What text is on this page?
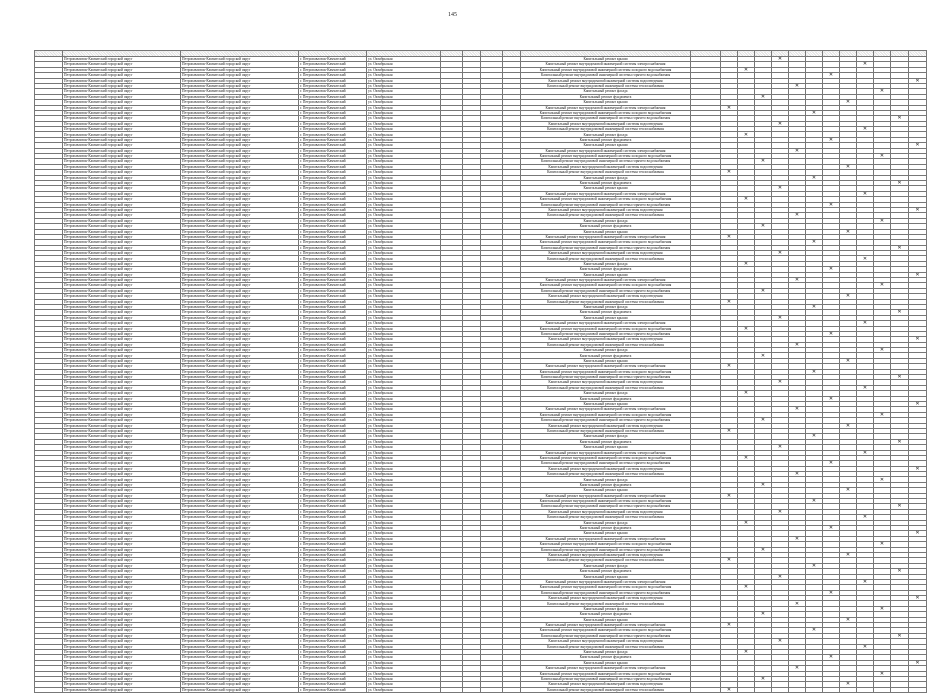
145

	Петропавловск-Камчатский городской округ	Петропавловск-Камчатский городской округ	г. Петропавловск-Камчатский	ул. Октябрьская					Капитальный ремонт крыши					✕								
	Петропавловск-Камчатский городской округ	Петропавловск-Камчатский городской округ	г. Петропавловск-Камчатский	ул. Октябрьская					Капитальный ремонт внутридомовой инженерной системы электроснабжения										✕			
	Петропавловск-Камчатский городской округ	Петропавловск-Камчатский городской округ	г. Петропавловск-Камчатский	ул. Октябрьская					Капитальный ремонт внутридомовой инженерной системы холодного водоснабжения			✕										
	Петропавловск-Камчатский городской округ	Петропавловск-Камчатский городской округ	г. Петропавловск-Камчатский	ул. Октябрьская					Капитальный ремонт внутридомовой инженерной системы горячего водоснабжения								✕					
	Петропавловск-Камчатский городской округ	Петропавловск-Камчатский городской округ	г. Петропавловск-Камчатский	ул. Октябрьская					Капитальный ремонт внутридомовой инженерной системы водоотведения													✕
	Петропавловск-Камчатский городской округ	Петропавловск-Камчатский городской округ	г. Петропавловск-Камчатский	ул. Октябрьская					Капитальный ремонт внутридомовой инженерной системы теплоснабжения						✕							
	Петропавловск-Камчатский городской округ	Петропавловск-Камчатский городской округ	г. Петропавловск-Камчатский	ул. Октябрьская					Капитальный ремонт фасада											✕		
	Петропавловск-Камчатский городской округ	Петропавловск-Камчатский городской округ	г. Петропавловск-Камчатский	ул. Октябрьская					Капитальный ремонт фундамента				✕									
	Петропавловск-Камчатский городской округ	Петропавловск-Камчатский городской округ	г. Петропавловск-Камчатский	ул. Октябрьская					Капитальный ремонт крыши									✕				
	Петропавловск-Камчатский городской округ	Петропавловск-Камчатский городской округ	г. Петропавловск-Камчатский	ул. Октябрьская					Капитальный ремонт внутридомовой инженерной системы электроснабжения		✕											
	Петропавловск-Камчатский городской округ	Петропавловск-Камчатский городской округ	г. Петропавловск-Камчатский	ул. Октябрьская					Капитальный ремонт внутридомовой инженерной системы холодного водоснабжения							✕						
	Петропавловск-Камчатский городской округ	Петропавловск-Камчатский городской округ	г. Петропавловск-Камчатский	ул. Октябрьская					Капитальный ремонт внутридомовой инженерной системы горячего водоснабжения												✕	
	Петропавловск-Камчатский городской округ	Петропавловск-Камчатский городской округ	г. Петропавловск-Камчатский	ул. Октябрьская					Капитальный ремонт внутридомовой инженерной системы водоотведения					✕								
	Петропавловск-Камчатский городской округ	Петропавловск-Камчатский городской округ	г. Петропавловск-Камчатский	ул. Октябрьская					Капитальный ремонт внутридомовой инженерной системы теплоснабжения										✕			
	Петропавловск-Камчатский городской округ	Петропавловск-Камчатский городской округ	г. Петропавловск-Камчатский	ул. Октябрьская					Капитальный ремонт фасада			✕										
	Петропавловск-Камчатский городской округ	Петропавловск-Камчатский городской округ	г. Петропавловск-Камчатский	ул. Октябрьская					Капитальный ремонт фундамента								✕					
	Петропавловск-Камчатский городской округ	Петропавловск-Камчатский городской округ	г. Петропавловск-Камчатский	ул. Октябрьская					Капитальный ремонт крыши													✕
	Петропавловск-Камчатский городской округ	Петропавловск-Камчатский городской округ	г. Петропавловск-Камчатский	ул. Октябрьская					Капитальный ремонт внутридомовой инженерной системы электроснабжения						✕							
	Петропавловск-Камчатский городской округ	Петропавловск-Камчатский городской округ	г. Петропавловск-Камчатский	ул. Октябрьская					Капитальный ремонт внутридомовой инженерной системы холодного водоснабжения											✕		
	Петропавловск-Камчатский городской округ	Петропавловск-Камчатский городской округ	г. Петропавловск-Камчатский	ул. Октябрьская					Капитальный ремонт внутридомовой инженерной системы горячего водоснабжения				✕									
	Петропавловск-Камчатский городской округ	Петропавловск-Камчатский городской округ	г. Петропавловск-Камчатский	ул. Октябрьская					Капитальный ремонт внутридомовой инженерной системы водоотведения									✕				
	Петропавловск-Камчатский городской округ	Петропавловск-Камчатский городской округ	г. Петропавловск-Камчатский	ул. Октябрьская					Капитальный ремонт внутридомовой инженерной системы теплоснабжения		✕											
	Петропавловск-Камчатский городской округ	Петропавловск-Камчатский городской округ	г. Петропавловск-Камчатский	ул. Октябрьская					Капитальный ремонт фасада							✕						
	Петропавловск-Камчатский городской округ	Петропавловск-Камчатский городской округ	г. Петропавловск-Камчатский	ул. Октябрьская					Капитальный ремонт фундамента												✕	
	Петропавловск-Камчатский городской округ	Петропавловск-Камчатский городской округ	г. Петропавловск-Камчатский	ул. Октябрьская					Капитальный ремонт крыши					✕								
	Петропавловск-Камчатский городской округ	Петропавловск-Камчатский городской округ	г. Петропавловск-Камчатский	ул. Октябрьская					Капитальный ремонт внутридомовой инженерной системы электроснабжения										✕			
	Петропавловск-Камчатский городской округ	Петропавловск-Камчатский городской округ	г. Петропавловск-Камчатский	ул. Октябрьская					Капитальный ремонт внутридомовой инженерной системы холодного водоснабжения			✕										
	Петропавловск-Камчатский городской округ	Петропавловск-Камчатский городской округ	г. Петропавловск-Камчатский	ул. Октябрьская					Капитальный ремонт внутридомовой инженерной системы горячего водоснабжения								✕					
	Петропавловск-Камчатский городской округ	Петропавловск-Камчатский городской округ	г. Петропавловск-Камчатский	ул. Октябрьская					Капитальный ремонт внутридомовой инженерной системы водоотведения													✕
	Петропавловск-Камчатский городской округ	Петропавловск-Камчатский городской округ	г. Петропавловск-Камчатский	ул. Октябрьская					Капитальный ремонт внутридомовой инженерной системы теплоснабжения						✕							
	Петропавловск-Камчатский городской округ	Петропавловск-Камчатский городской округ	г. Петропавловск-Камчатский	ул. Октябрьская					Капитальный ремонт фасада											✕		
	Петропавловск-Камчатский городской округ	Петропавловск-Камчатский городской округ	г. Петропавловск-Камчатский	ул. Октябрьская					Капитальный ремонт фундамента				✕									
	Петропавловск-Камчатский городской округ	Петропавловск-Камчатский городской округ	г. Петропавловск-Камчатский	ул. Октябрьская					Капитальный ремонт крыши									✕				
	Петропавловск-Камчатский городской округ	Петропавловск-Камчатский городской округ	г. Петропавловск-Камчатский	ул. Октябрьская					Капитальный ремонт внутридомовой инженерной системы электроснабжения		✕											
	Петропавловск-Камчатский городской округ	Петропавловск-Камчатский городской округ	г. Петропавловск-Камчатский	ул. Октябрьская					Капитальный ремонт внутридомовой инженерной системы холодного водоснабжения							✕						
	Петропавловск-Камчатский городской округ	Петропавловск-Камчатский городской округ	г. Петропавловск-Камчатский	ул. Октябрьская					Капитальный ремонт внутридомовой инженерной системы горячего водоснабжения												✕	
	Петропавловск-Камчатский городской округ	Петропавловск-Камчатский городской округ	г. Петропавловск-Камчатский	ул. Октябрьская					Капитальный ремонт внутридомовой инженерной системы водоотведения					✕								
	Петропавловск-Камчатский городской округ	Петропавловск-Камчатский городской округ	г. Петропавловск-Камчатский	ул. Октябрьская					Капитальный ремонт внутридомовой инженерной системы теплоснабжения										✕			
	Петропавловск-Камчатский городской округ	Петропавловск-Камчатский городской округ	г. Петропавловск-Камчатский	ул. Октябрьская					Капитальный ремонт фасада			✕										
	Петропавловск-Камчатский городской округ	Петропавловск-Камчатский городской округ	г. Петропавловск-Камчатский	ул. Октябрьская					Капитальный ремонт фундамента								✕					
	Петропавловск-Камчатский городской округ	Петропавловск-Камчатский городской округ	г. Петропавловск-Камчатский	ул. Октябрьская					Капитальный ремонт крыши													✕
	Петропавловск-Камчатский городской округ	Петропавловск-Камчатский городской округ	г. Петропавловск-Камчатский	ул. Октябрьская					Капитальный ремонт внутридомовой инженерной системы электроснабжения						✕							
	Петропавловск-Камчатский городской округ	Петропавловск-Камчатский городской округ	г. Петропавловск-Камчатский	ул. Октябрьская					Капитальный ремонт внутридомовой инженерной системы холодного водоснабжения											✕		
	Петропавловск-Камчатский городской округ	Петропавловск-Камчатский городской округ	г. Петропавловск-Камчатский	ул. Октябрьская					Капитальный ремонт внутридомовой инженерной системы горячего водоснабжения				✕									
	Петропавловск-Камчатский городской округ	Петропавловск-Камчатский городской округ	г. Петропавловск-Камчатский	ул. Октябрьская					Капитальный ремонт внутридомовой инженерной системы водоотведения									✕				
	Петропавловск-Камчатский городской округ	Петропавловск-Камчатский городской округ	г. Петропавловск-Камчатский	ул. Октябрьская					Капитальный ремонт внутридомовой инженерной системы теплоснабжения		✕											
	Петропавловск-Камчатский городской округ	Петропавловск-Камчатский городской округ	г. Петропавловск-Камчатский	ул. Октябрьская					Капитальный ремонт фасада							✕						
	Петропавловск-Камчатский городской округ	Петропавловск-Камчатский городской округ	г. Петропавловск-Камчатский	ул. Октябрьская					Капитальный ремонт фундамента												✕	
	Петропавловск-Камчатский городской округ	Петропавловск-Камчатский городской округ	г. Петропавловск-Камчатский	ул. Октябрьская					Капитальный ремонт крыши					✕								
	Петропавловск-Камчатский городской округ	Петропавловск-Камчатский городской округ	г. Петропавловск-Камчатский	ул. Октябрьская					Капитальный ремонт внутридомовой инженерной системы электроснабжения										✕			
	Петропавловск-Камчатский городской округ	Петропавловск-Камчатский городской округ	г. Петропавловск-Камчатский	ул. Октябрьская					Капитальный ремонт внутридомовой инженерной системы холодного водоснабжения			✕										
	Петропавловск-Камчатский городской округ	Петропавловск-Камчатский городской округ	г. Петропавловск-Камчатский	ул. Октябрьская					Капитальный ремонт внутридомовой инженерной системы горячего водоснабжения								✕					
	Петропавловск-Камчатский городской округ	Петропавловск-Камчатский городской округ	г. Петропавловск-Камчатский	ул. Октябрьская					Капитальный ремонт внутридомовой инженерной системы водоотведения													✕
	Петропавловск-Камчатский городской округ	Петропавловск-Камчатский городской округ	г. Петропавловск-Камчатский	ул. Октябрьская					Капитальный ремонт внутридомовой инженерной системы теплоснабжения						✕							
	Петропавловск-Камчатский городской округ	Петропавловск-Камчатский городской округ	г. Петропавловск-Камчатский	ул. Октябрьская					Капитальный ремонт фасада											✕		
	Петропавловск-Камчатский городской округ	Петропавловск-Камчатский городской округ	г. Петропавловск-Камчатский	ул. Октябрьская					Капитальный ремонт фундамента				✕									
	Петропавловск-Камчатский городской округ	Петропавловск-Камчатский городской округ	г. Петропавловск-Камчатский	ул. Октябрьская					Капитальный ремонт крыши									✕				
	Петропавловск-Камчатский городской округ	Петропавловск-Камчатский городской округ	г. Петропавловск-Камчатский	ул. Октябрьская					Капитальный ремонт внутридомовой инженерной системы электроснабжения		✕											
	Петропавловск-Камчатский городской округ	Петропавловск-Камчатский городской округ	г. Петропавловск-Камчатский	ул. Октябрьская					Капитальный ремонт внутридомовой инженерной системы холодного водоснабжения							✕						
	Петропавловск-Камчатский городской округ	Петропавловск-Камчатский городской округ	г. Петропавловск-Камчатский	ул. Октябрьская					Капитальный ремонт внутридомовой инженерной системы горячего водоснабжения												✕	
	Петропавловск-Камчатский городской округ	Петропавловск-Камчатский городской округ	г. Петропавловск-Камчатский	ул. Октябрьская					Капитальный ремонт внутридомовой инженерной системы водоотведения					✕								
	Петропавловск-Камчатский городской округ	Петропавловск-Камчатский городской округ	г. Петропавловск-Камчатский	ул. Октябрьская					Капитальный ремонт внутридомовой инженерной системы теплоснабжения										✕			
	Петропавловск-Камчатский городской округ	Петропавловск-Камчатский городской округ	г. Петропавловск-Камчатский	ул. Октябрьская					Капитальный ремонт фасада			✕										
	Петропавловск-Камчатский городской округ	Петропавловск-Камчатский городской округ	г. Петропавловск-Камчатский	ул. Октябрьская					Капитальный ремонт фундамента								✕					
	Петропавловск-Камчатский городской округ	Петропавловск-Камчатский городской округ	г. Петропавловск-Камчатский	ул. Октябрьская					Капитальный ремонт крыши													✕
	Петропавловск-Камчатский городской округ	Петропавловск-Камчатский городской округ	г. Петропавловск-Камчатский	ул. Октябрьская					Капитальный ремонт внутридомовой инженерной системы электроснабжения						✕							
	Петропавловск-Камчатский городской округ	Петропавловск-Камчатский городской округ	г. Петропавловск-Камчатский	ул. Октябрьская					Капитальный ремонт внутридомовой инженерной системы холодного водоснабжения											✕		
	Петропавловск-Камчатский городской округ	Петропавловск-Камчатский городской округ	г. Петропавловск-Камчатский	ул. Октябрьская					Капитальный ремонт внутридомовой инженерной системы горячего водоснабжения				✕									
	Петропавловск-Камчатский городской округ	Петропавловск-Камчатский городской округ	г. Петропавловск-Камчатский	ул. Октябрьская					Капитальный ремонт внутридомовой инженерной системы водоотведения									✕				
	Петропавловск-Камчатский городской округ	Петропавловск-Камчатский городской округ	г. Петропавловск-Камчатский	ул. Октябрьская					Капитальный ремонт внутридомовой инженерной системы теплоснабжения		✕											
	Петропавловск-Камчатский городской округ	Петропавловск-Камчатский городской округ	г. Петропавловск-Камчатский	ул. Октябрьская					Капитальный ремонт фасада							✕						
	Петропавловск-Камчатский городской округ	Петропавловск-Камчатский городской округ	г. Петропавловск-Камчатский	ул. Октябрьская					Капитальный ремонт фундамента												✕	
	Петропавловск-Камчатский городской округ	Петропавловск-Камчатский городской округ	г. Петропавловск-Камчатский	ул. Октябрьская					Капитальный ремонт крыши					✕								
	Петропавловск-Камчатский городской округ	Петропавловск-Камчатский городской округ	г. Петропавловск-Камчатский	ул. Октябрьская					Капитальный ремонт внутридомовой инженерной системы электроснабжения										✕			
	Петропавловск-Камчатский городской округ	Петропавловск-Камчатский городской округ	г. Петропавловск-Камчатский	ул. Октябрьская					Капитальный ремонт внутридомовой инженерной системы холодного водоснабжения			✕										
	Петропавловск-Камчатский городской округ	Петропавловск-Камчатский городской округ	г. Петропавловск-Камчатский	ул. Октябрьская					Капитальный ремонт внутридомовой инженерной системы горячего водоснабжения								✕					
	Петропавловск-Камчатский городской округ	Петропавловск-Камчатский городской округ	г. Петропавловск-Камчатский	ул. Октябрьская					Капитальный ремонт внутридомовой инженерной системы водоотведения													✕
	Петропавловск-Камчатский городской округ	Петропавловск-Камчатский городской округ	г. Петропавловск-Камчатский	ул. Октябрьская					Капитальный ремонт внутридомовой инженерной системы теплоснабжения						✕							
	Петропавловск-Камчатский городской округ	Петропавловск-Камчатский городской округ	г. Петропавловск-Камчатский	ул. Октябрьская					Капитальный ремонт фасада											✕		
	Петропавловск-Камчатский городской округ	Петропавловск-Камчатский городской округ	г. Петропавловск-Камчатский	ул. Октябрьская					Капитальный ремонт фундамента				✕									
	Петропавловск-Камчатский городской округ	Петропавловск-Камчатский городской округ	г. Петропавловск-Камчатский	ул. Октябрьская					Капитальный ремонт крыши									✕				
	Петропавловск-Камчатский городской округ	Петропавловск-Камчатский городской округ	г. Петропавловск-Камчатский	ул. Октябрьская					Капитальный ремонт внутридомовой инженерной системы электроснабжения		✕											
	Петропавловск-Камчатский городской округ	Петропавловск-Камчатский городской округ	г. Петропавловск-Камчатский	ул. Октябрьская					Капитальный ремонт внутридомовой инженерной системы холодного водоснабжения							✕						
	Петропавловск-Камчатский городской округ	Петропавловск-Камчатский городской округ	г. Петропавловск-Камчатский	ул. Октябрьская					Капитальный ремонт внутридомовой инженерной системы горячего водоснабжения												✕	
	Петропавловск-Камчатский городской округ	Петропавловск-Камчатский городской округ	г. Петропавловск-Камчатский	ул. Октябрьская					Капитальный ремонт внутридомовой инженерной системы водоотведения					✕								
	Петропавловск-Камчатский городской округ	Петропавловск-Камчатский городской округ	г. Петропавловск-Камчатский	ул. Октябрьская					Капитальный ремонт внутридомовой инженерной системы теплоснабжения										✕			
	Петропавловск-Камчатский городской округ	Петропавловск-Камчатский городской округ	г. Петропавловск-Камчатский	ул. Октябрьская					Капитальный ремонт фасада			✕										
	Петропавловск-Камчатский городской округ	Петропавловск-Камчатский городской округ	г. Петропавловск-Камчатский	ул. Октябрьская					Капитальный ремонт фундамента								✕					
	Петропавловск-Камчатский городской округ	Петропавловск-Камчатский городской округ	г. Петропавловск-Камчатский	ул. Октябрьская					Капитальный ремонт крыши													✕
	Петропавловск-Камчатский городской округ	Петропавловск-Камчатский городской округ	г. Петропавловск-Камчатский	ул. Октябрьская					Капитальный ремонт внутридомовой инженерной системы электроснабжения						✕							
	Петропавловск-Камчатский городской округ	Петропавловск-Камчатский городской округ	г. Петропавловск-Камчатский	ул. Октябрьская					Капитальный ремонт внутридомовой инженерной системы холодного водоснабжения											✕		
	Петропавловск-Камчатский городской округ	Петропавловск-Камчатский городской округ	г. Петропавловск-Камчатский	ул. Октябрьская					Капитальный ремонт внутридомовой инженерной системы горячего водоснабжения				✕									
	Петропавловск-Камчатский городской округ	Петропавловск-Камчатский городской округ	г. Петропавловск-Камчатский	ул. Октябрьская					Капитальный ремонт внутридомовой инженерной системы водоотведения									✕				
	Петропавловск-Камчатский городской округ	Петропавловск-Камчатский городской округ	г. Петропавловск-Камчатский	ул. Октябрьская					Капитальный ремонт внутридомовой инженерной системы теплоснабжения		✕											
	Петропавловск-Камчатский городской округ	Петропавловск-Камчатский городской округ	г. Петропавловск-Камчатский	ул. Октябрьская					Капитальный ремонт фасада							✕						
	Петропавловск-Камчатский городской округ	Петропавловск-Камчатский городской округ	г. Петропавловск-Камчатский	ул. Октябрьская					Капитальный ремонт фундамента												✕	
	Петропавловск-Камчатский городской округ	Петропавловск-Камчатский городской округ	г. Петропавловск-Камчатский	ул. Октябрьская					Капитальный ремонт крыши					✕								
	Петропавловск-Камчатский городской округ	Петропавловск-Камчатский городской округ	г. Петропавловск-Камчатский	ул. Октябрьская					Капитальный ремонт внутридомовой инженерной системы электроснабжения										✕			
	Петропавловск-Камчатский городской округ	Петропавловск-Камчатский городской округ	г. Петропавловск-Камчатский	ул. Октябрьская					Капитальный ремонт внутридомовой инженерной системы холодного водоснабжения			✕										
	Петропавловск-Камчатский городской округ	Петропавловск-Камчатский городской округ	г. Петропавловск-Камчатский	ул. Октябрьская					Капитальный ремонт внутридомовой инженерной системы горячего водоснабжения								✕					
	Петропавловск-Камчатский городской округ	Петропавловск-Камчатский городской округ	г. Петропавловск-Камчатский	ул. Октябрьская					Капитальный ремонт внутридомовой инженерной системы водоотведения													✕
	Петропавловск-Камчатский городской округ	Петропавловск-Камчатский городской округ	г. Петропавловск-Камчатский	ул. Октябрьская					Капитальный ремонт внутридомовой инженерной системы теплоснабжения						✕							
	Петропавловск-Камчатский городской округ	Петропавловск-Камчатский городской округ	г. Петропавловск-Камчатский	ул. Октябрьская					Капитальный ремонт фасада											✕		
	Петропавловск-Камчатский городской округ	Петропавловск-Камчатский городской округ	г. Петропавловск-Камчатский	ул. Октябрьская					Капитальный ремонт фундамента				✕									
	Петропавловск-Камчатский городской округ	Петропавловск-Камчатский городской округ	г. Петропавловск-Камчатский	ул. Октябрьская					Капитальный ремонт крыши									✕				
	Петропавловск-Камчатский городской округ	Петропавловск-Камчатский городской округ	г. Петропавловск-Камчатский	ул. Октябрьская					Капитальный ремонт внутридомовой инженерной системы электроснабжения		✕											
	Петропавловск-Камчатский городской округ	Петропавловск-Камчатский городской округ	г. Петропавловск-Камчатский	ул. Октябрьская					Капитальный ремонт внутридомовой инженерной системы холодного водоснабжения							✕						
	Петропавловск-Камчатский городской округ	Петропавловск-Камчатский городской округ	г. Петропавловск-Камчатский	ул. Октябрьская					Капитальный ремонт внутридомовой инженерной системы горячего водоснабжения												✕	
	Петропавловск-Камчатский городской округ	Петропавловск-Камчатский городской округ	г. Петропавловск-Камчатский	ул. Октябрьская					Капитальный ремонт внутридомовой инженерной системы водоотведения					✕								
	Петропавловск-Камчатский городской округ	Петропавловск-Камчатский городской округ	г. Петропавловск-Камчатский	ул. Октябрьская					Капитальный ремонт внутридомовой инженерной системы теплоснабжения										✕			
	Петропавловск-Камчатский городской округ	Петропавловск-Камчатский городской округ	г. Петропавловск-Камчатский	ул. Октябрьская					Капитальный ремонт фасада			✕										
	Петропавловск-Камчатский городской округ	Петропавловск-Камчатский городской округ	г. Петропавловск-Камчатский	ул. Октябрьская					Капитальный ремонт фундамента								✕					
	Петропавловск-Камчатский городской округ	Петропавловск-Камчатский городской округ	г. Петропавловск-Камчатский	ул. Октябрьская					Капитальный ремонт крыши													✕
	Петропавловск-Камчатский городской округ	Петропавловск-Камчатский городской округ	г. Петропавловск-Камчатский	ул. Октябрьская					Капитальный ремонт внутридомовой инженерной системы электроснабжения						✕							
	Петропавловск-Камчатский городской округ	Петропавловск-Камчатский городской округ	г. Петропавловск-Камчатский	ул. Октябрьская					Капитальный ремонт внутридомовой инженерной системы холодного водоснабжения											✕		
	Петропавловск-Камчатский городской округ	Петропавловск-Камчатский городской округ	г. Петропавловск-Камчатский	ул. Октябрьская					Капитальный ремонт внутридомовой инженерной системы горячего водоснабжения				✕									
	Петропавловск-Камчатский городской округ	Петропавловск-Камчатский городской округ	г. Петропавловск-Камчатский	ул. Октябрьская					Капитальный ремонт внутридомовой инженерной системы водоотведения									✕				
	Петропавловск-Камчатский городской округ	Петропавловск-Камчатский городской округ	г. Петропавловск-Камчатский	ул. Октябрьская					Капитальный ремонт внутридомовой инженерной системы теплоснабжения		✕											
